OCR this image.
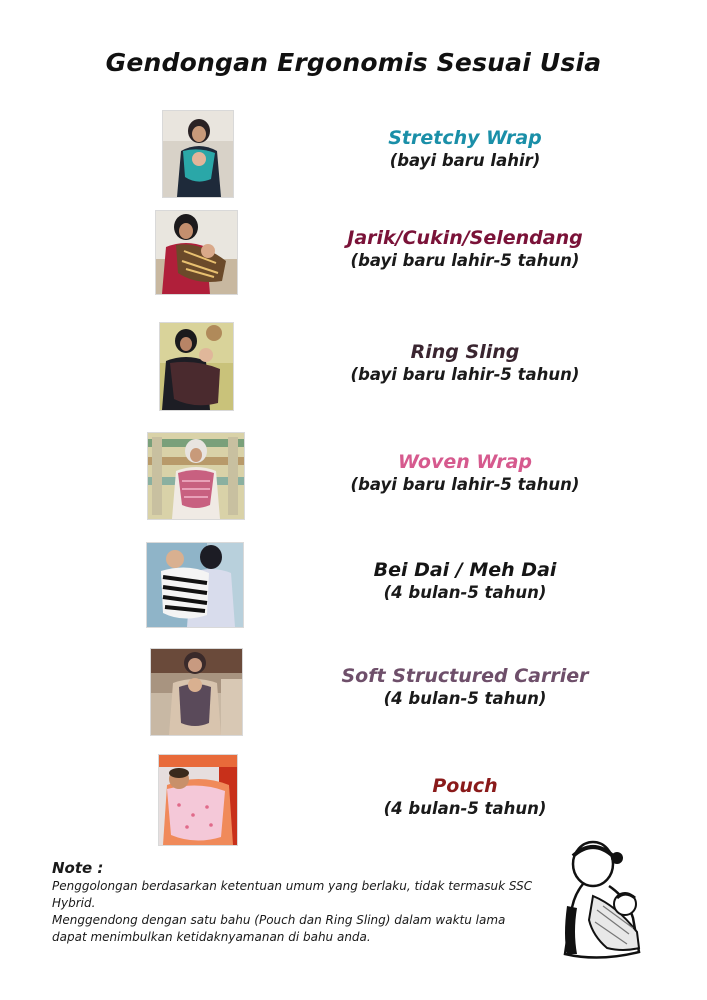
Gendongan Ergonomis Sesuai Usia
Stretchy Wrap
(bayi baru lahir)
Jarik/Cukin/Selendang
(bayi baru lahir-5 tahun)
Ring Sling
(bayi baru lahir-5 tahun)
Woven Wrap
(bayi baru lahir-5 tahun)
Bei Dai / Meh Dai
(4 bulan-5 tahun)
Soft Structured Carrier
(4 bulan-5 tahun)
Pouch
(4 bulan-5 tahun)
Note :

Penggolongan berdasarkan ketentuan umum yang berlaku, tidak termasuk SSC Hybrid.

Menggendong dengan satu bahu (Pouch dan Ring Sling) dalam waktu lama dapat menimbulkan ketidaknyamanan di bahu anda.
